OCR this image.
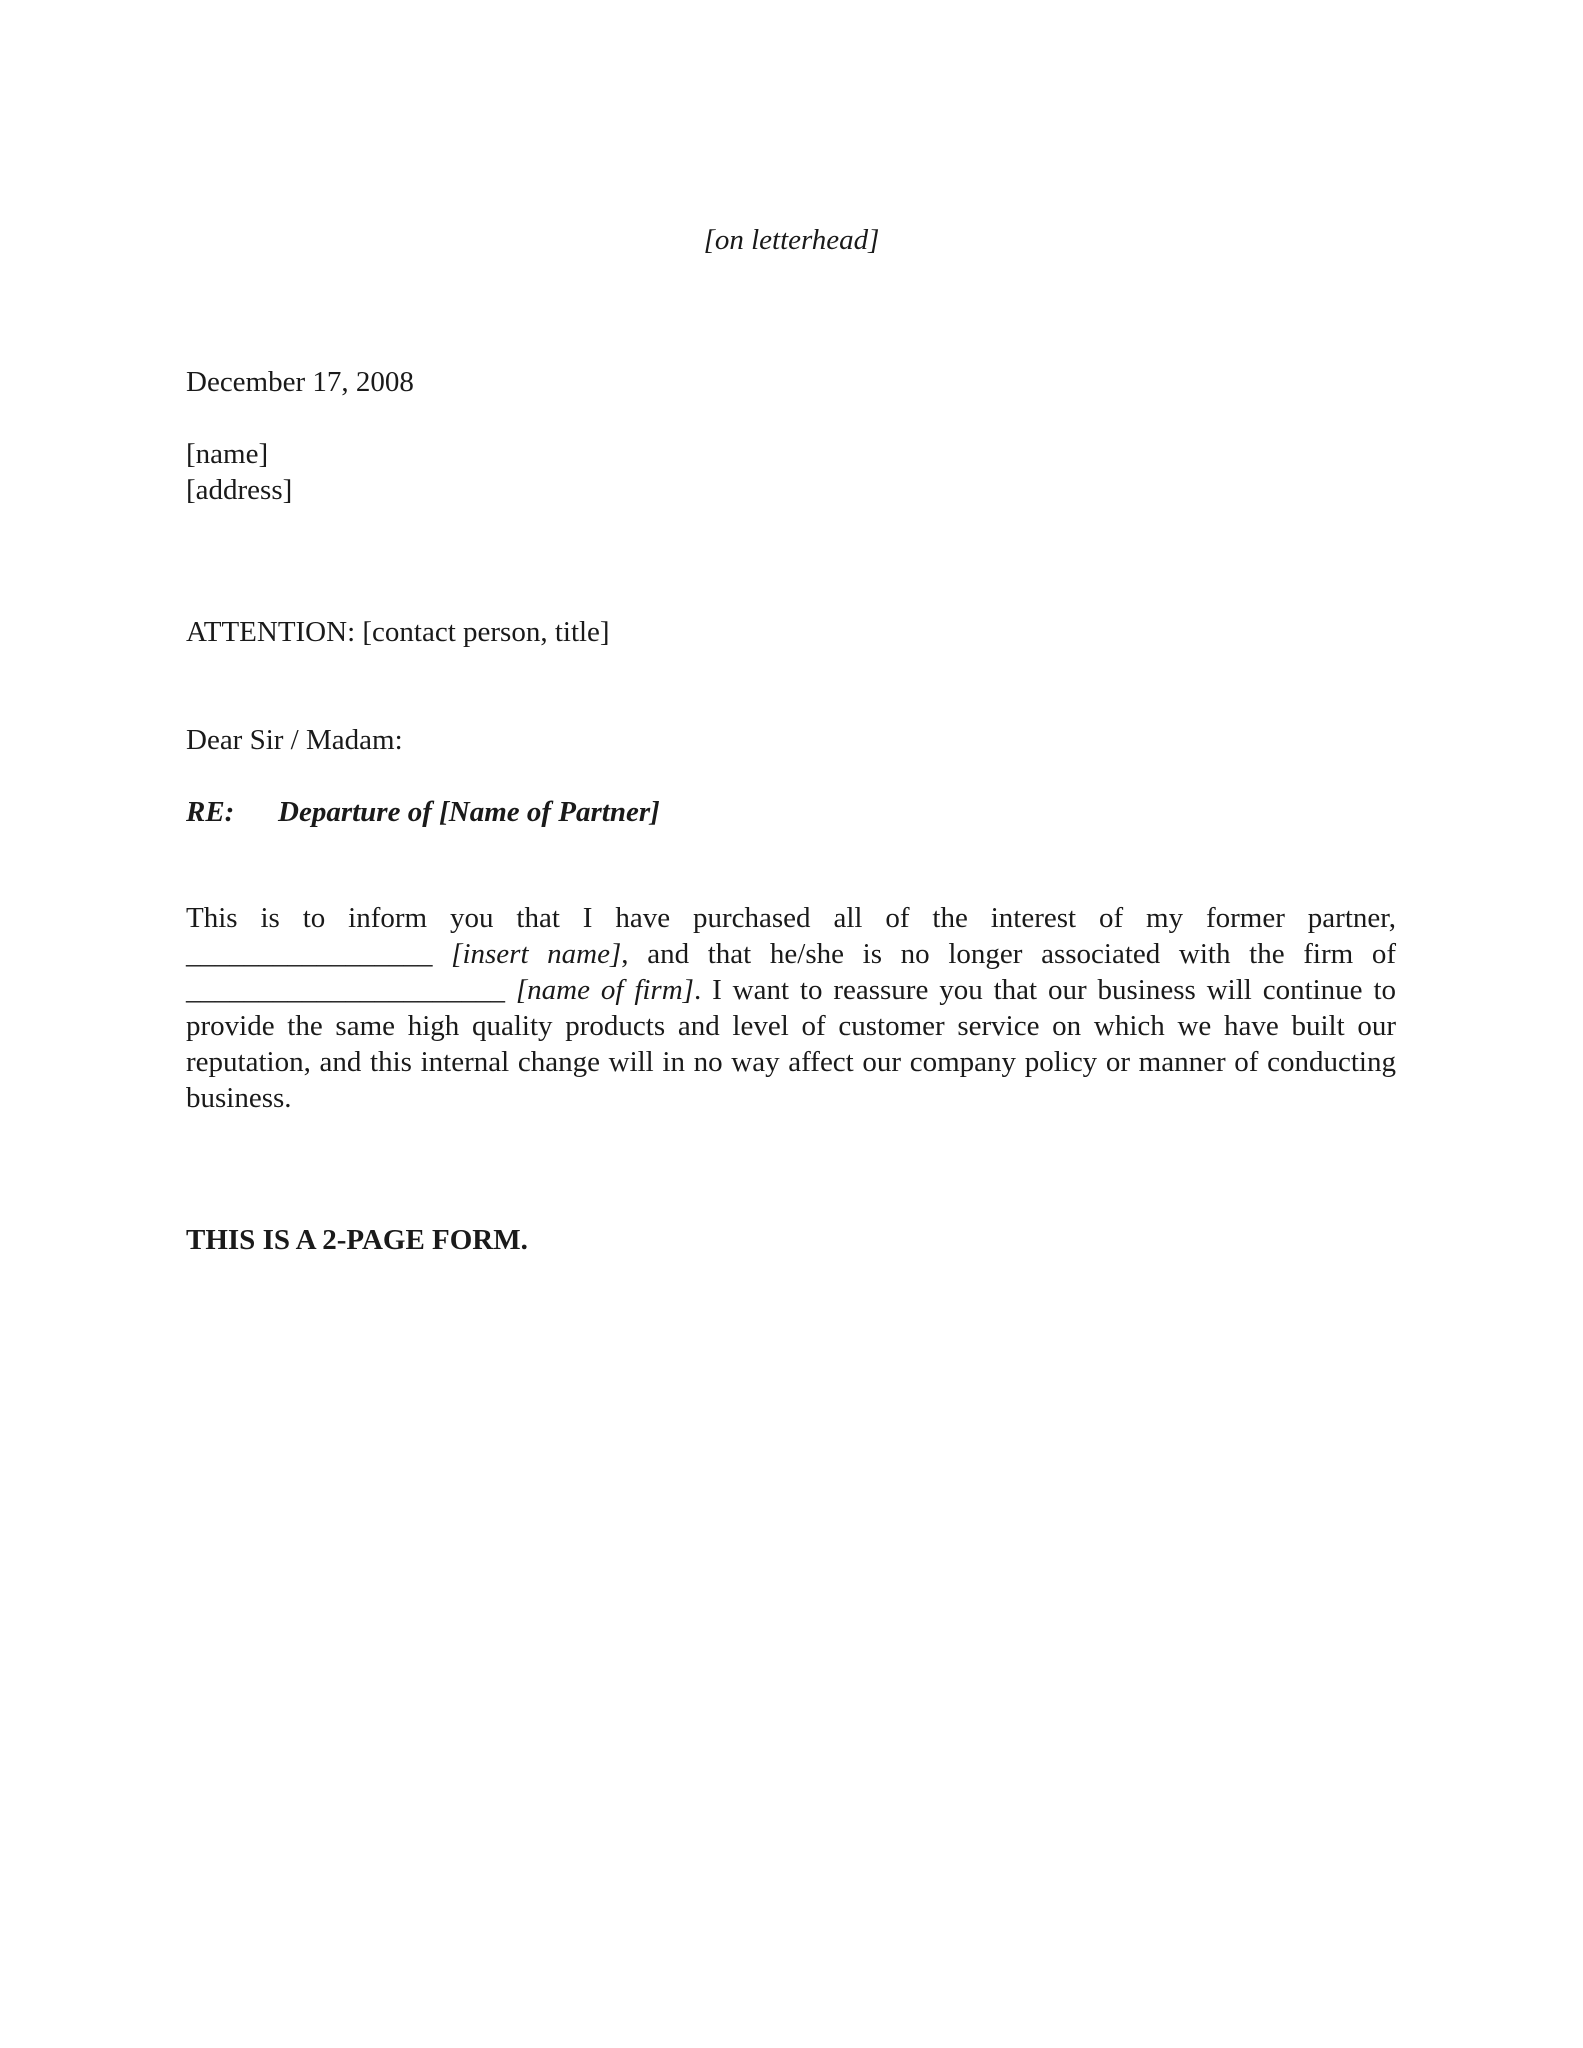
[on letterhead]
December 17, 2008
[name]
[address]
ATTENTION: [contact person, title]
Dear Sir / Madam:
RE: Departure of [Name of Partner]
This is to inform you that I have purchased all of the interest of my former partner, _________________ [insert name], and that he/she is no longer associated with the firm of ______________________ [name of firm]. I want to reassure you that our business will continue to provide the same high quality products and level of customer service on which we have built our reputation, and this internal change will in no way affect our company policy or manner of conducting business.
THIS IS A 2-PAGE FORM.
